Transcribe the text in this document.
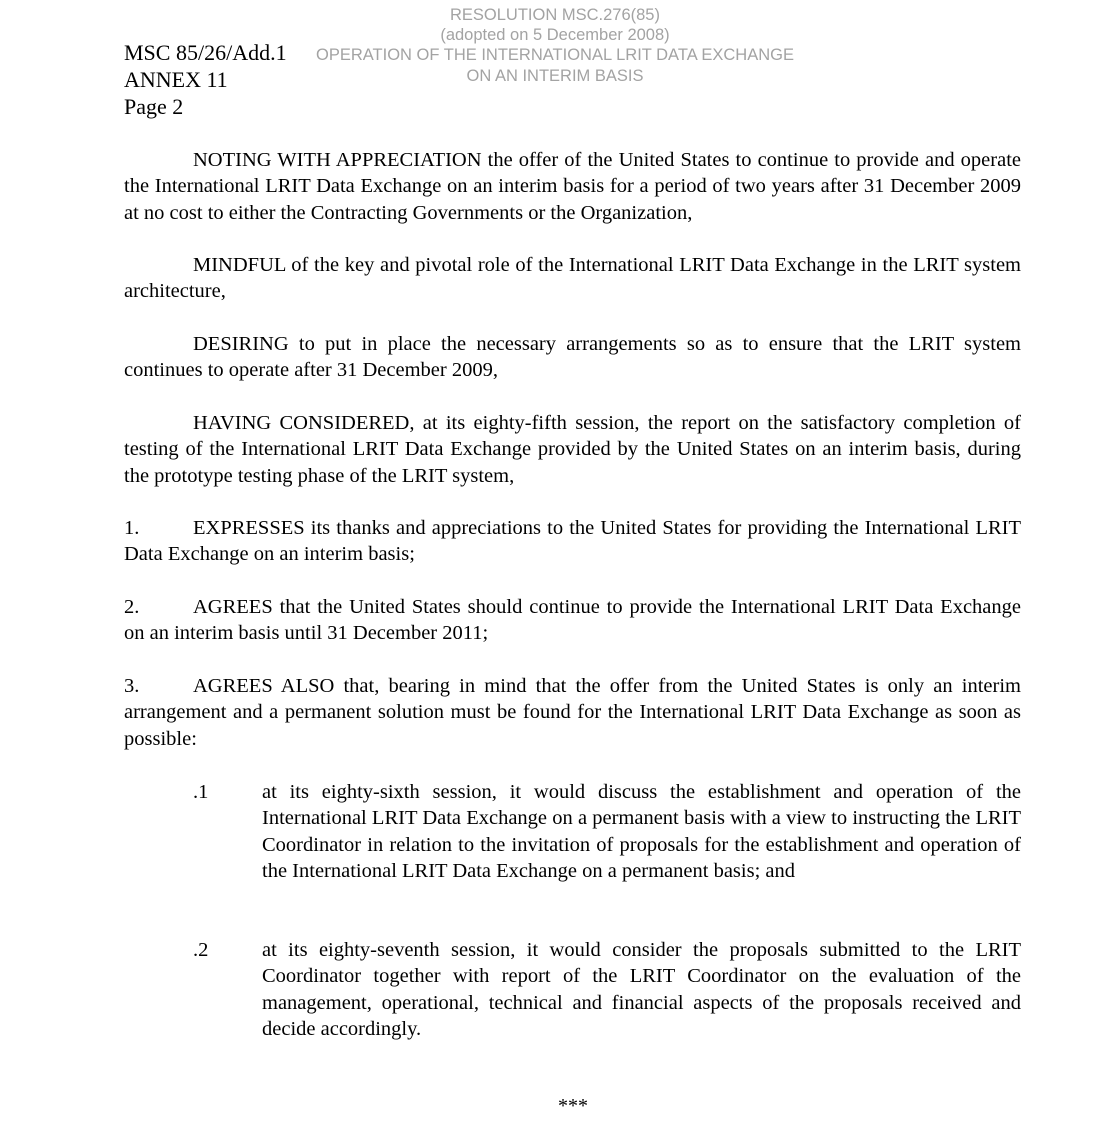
RESOLUTION MSC.276(85)
(adopted on 5 December 2008)
OPERATION OF THE INTERNATIONAL LRIT DATA EXCHANGE
ON AN INTERIM BASIS
MSC 85/26/Add.1
ANNEX 11
Page 2
NOTING WITH APPRECIATION the offer of the United States to continue to provide and operate the International LRIT Data Exchange on an interim basis for a period of two years after 31 December 2009 at no cost to either the Contracting Governments or the Organization,
MINDFUL of the key and pivotal role of the International LRIT Data Exchange in the LRIT system architecture,
DESIRING to put in place the necessary arrangements so as to ensure that the LRIT system continues to operate after 31 December 2009,
HAVING CONSIDERED, at its eighty-fifth session, the report on the satisfactory completion of testing of the International LRIT Data Exchange provided by the United States on an interim basis, during the prototype testing phase of the LRIT system,
1.	EXPRESSES its thanks and appreciations to the United States for providing the International LRIT Data Exchange on an interim basis;
2.	AGREES that the United States should continue to provide the International LRIT Data Exchange on an interim basis until 31 December 2011;
3.	AGREES ALSO that, bearing in mind that the offer from the United States is only an interim arrangement and a permanent solution must be found for the International LRIT Data Exchange as soon as possible:
.1	at its eighty-sixth session, it would discuss the establishment and operation of the International LRIT Data Exchange on a permanent basis with a view to instructing the LRIT Coordinator in relation to the invitation of proposals for the establishment and operation of the International LRIT Data Exchange on a permanent basis; and
.2	at its eighty-seventh session, it would consider the proposals submitted to the LRIT Coordinator together with report of the LRIT Coordinator on the evaluation of the management, operational, technical and financial aspects of the proposals received and decide accordingly.
***
